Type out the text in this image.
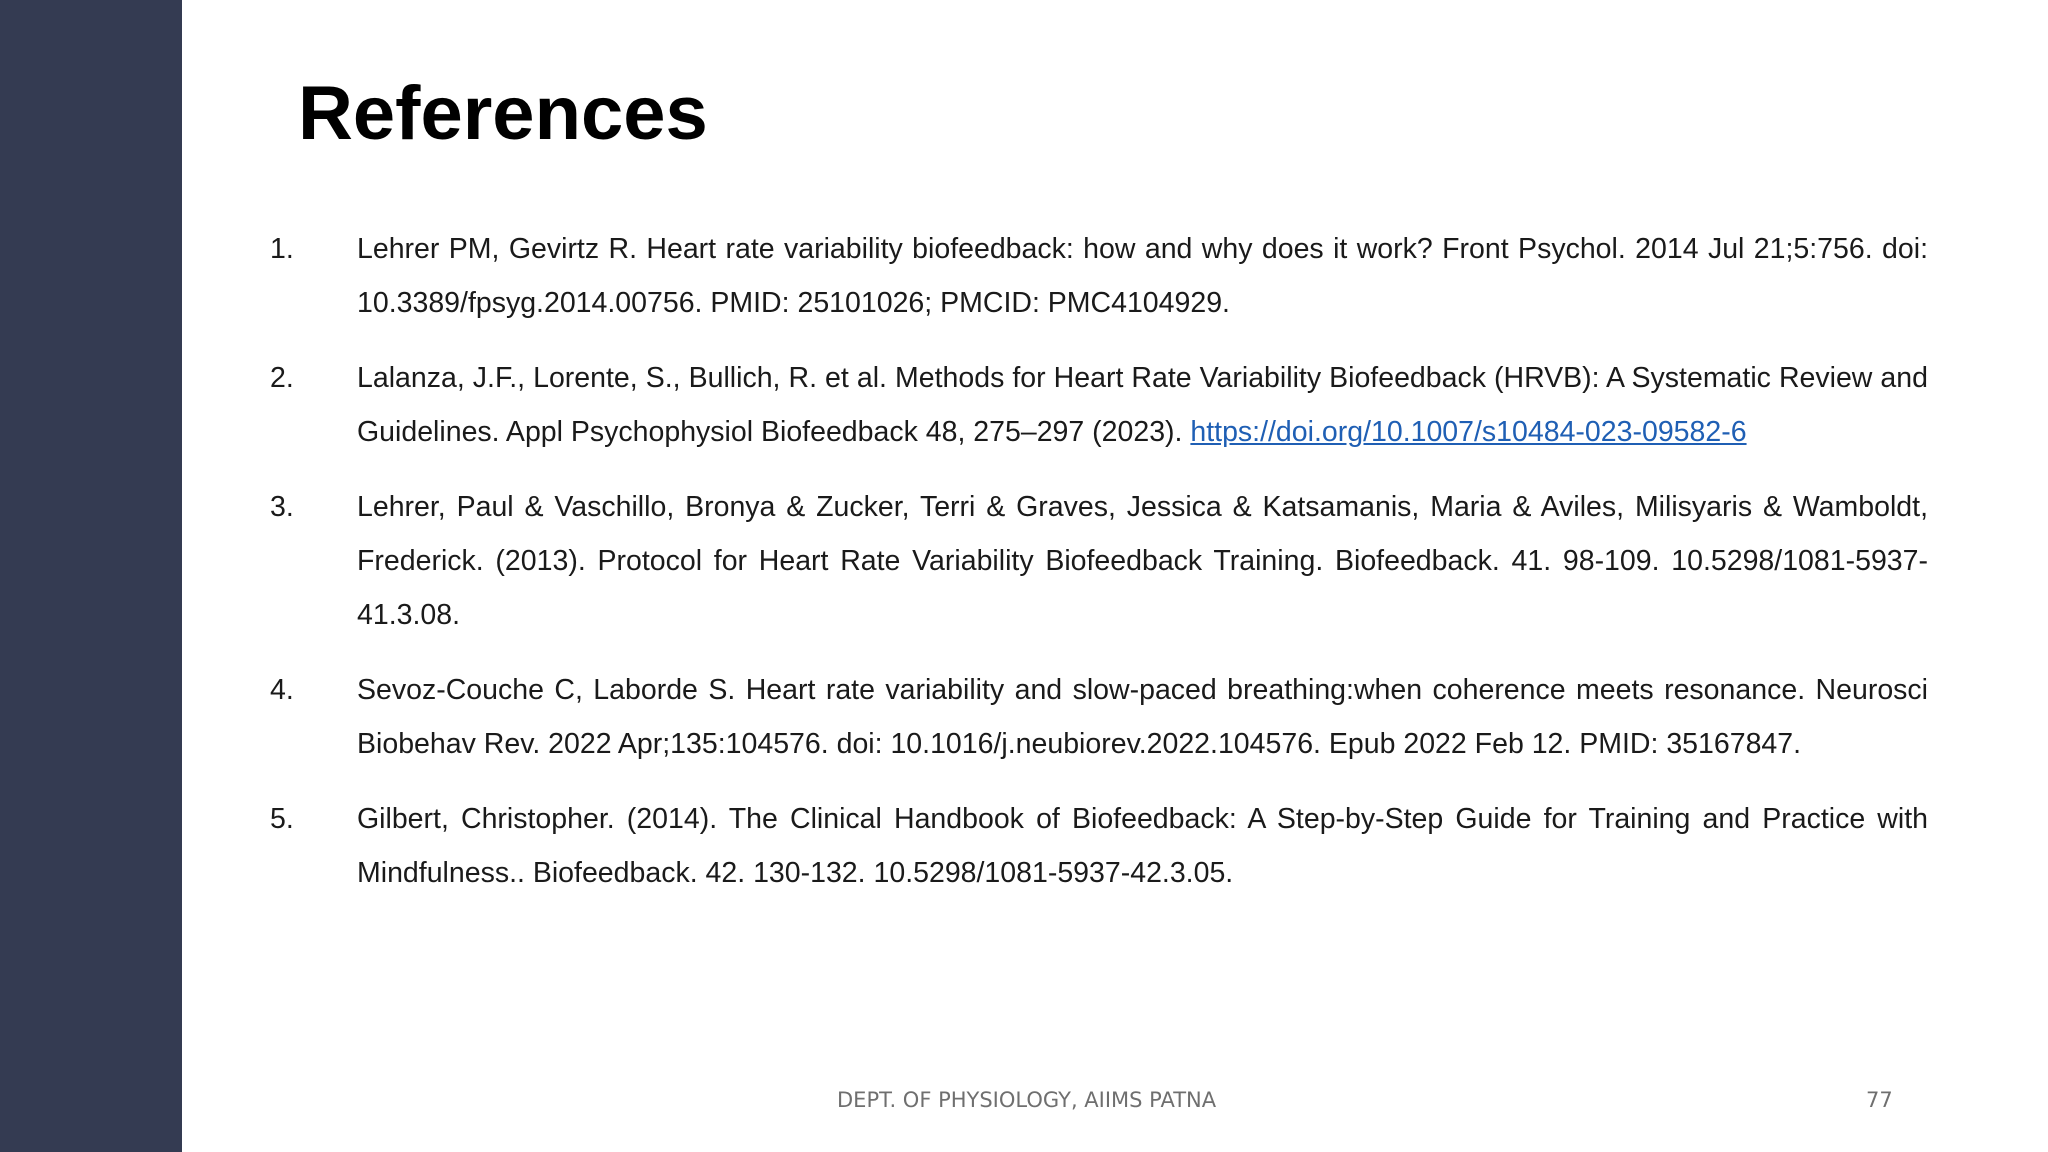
References
1. Lehrer PM, Gevirtz R. Heart rate variability biofeedback: how and why does it work? Front Psychol. 2014 Jul 21;5:756. doi: 10.3389/fpsyg.2014.00756. PMID: 25101026; PMCID: PMC4104929.
2. Lalanza, J.F., Lorente, S., Bullich, R. et al. Methods for Heart Rate Variability Biofeedback (HRVB): A Systematic Review and Guidelines. Appl Psychophysiol Biofeedback 48, 275–297 (2023). https://doi.org/10.1007/s10484-023-09582-6
3. Lehrer, Paul & Vaschillo, Bronya & Zucker, Terri & Graves, Jessica & Katsamanis, Maria & Aviles, Milisyaris & Wamboldt, Frederick. (2013). Protocol for Heart Rate Variability Biofeedback Training. Biofeedback. 41. 98-109. 10.5298/1081-5937-41.3.08.
4. Sevoz-Couche C, Laborde S. Heart rate variability and slow-paced breathing:when coherence meets resonance. Neurosci Biobehav Rev. 2022 Apr;135:104576. doi: 10.1016/j.neubiorev.2022.104576. Epub 2022 Feb 12. PMID: 35167847.
5. Gilbert, Christopher. (2014). The Clinical Handbook of Biofeedback: A Step-by-Step Guide for Training and Practice with Mindfulness.. Biofeedback. 42. 130-132. 10.5298/1081-5937-42.3.05.
DEPT. OF PHYSIOLOGY, AIIMS PATNA	77
